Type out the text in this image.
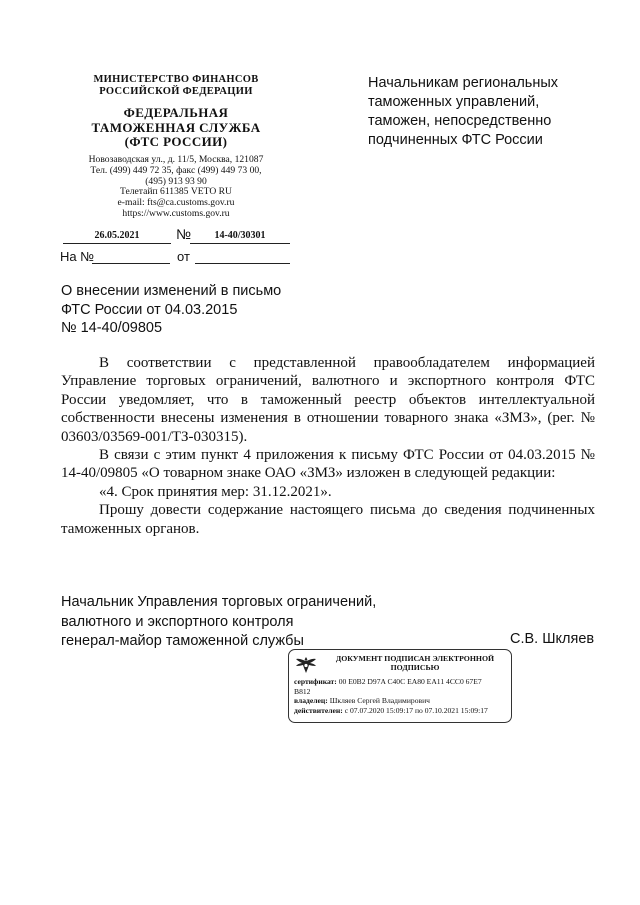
МИНИСТЕРСТВО ФИНАНСОВ
РОССИЙСКОЙ ФЕДЕРАЦИИ
ФЕДЕРАЛЬНАЯ
ТАМОЖЕННАЯ СЛУЖБА
(ФТС РОССИИ)
Новозаводская ул., д. 11/5, Москва, 121087
Тел. (499) 449 72 35, факс (499) 449 73 00,
(495) 913 93 90
Телетайп 611385 VETO RU
e-mail: fts@ca.customs.gov.ru
https://www.customs.gov.ru
Начальникам региональных
таможенных управлений,
таможен, непосредственно
подчиненных ФТС России
26.05.2021	№	14-40/30301
На №	от
О внесении изменений в письмо
ФТС России от 04.03.2015
№ 14-40/09805

В соответствии с представленной правообладателем информацией Управление торговых ограничений, валютного и экспортного контроля ФТС России уведомляет, что в таможенный реестр объектов интеллектуальной собственности внесены изменения в отношении товарного знака «ЗМЗ», (рег. № 03603/03569-001/ТЗ-030315).

В связи с этим пункт 4 приложения к письму ФТС России от 04.03.2015 № 14-40/09805 «О товарном знаке ОАО «ЗМЗ» изложен в следующей редакции:

«4. Срок принятия мер: 31.12.2021».

Прошу довести содержание настоящего письма до сведения подчиненных таможенных органов.

Начальник Управления торговых ограничений,
валютного и экспортного контроля
генерал-майор таможенной службы	С.В. Шкляев
ДОКУМЕНТ ПОДПИСАН ЭЛЕКТРОННОЙ
ПОДПИСЬЮ
сертификат: 00 E0B2 D97A C40C EA80 EA11 4CC0 67E7
B812
владелец: Шкляев Сергей Владимирович
действителен: с 07.07.2020 15:09:17 по 07.10.2021 15:09:17
